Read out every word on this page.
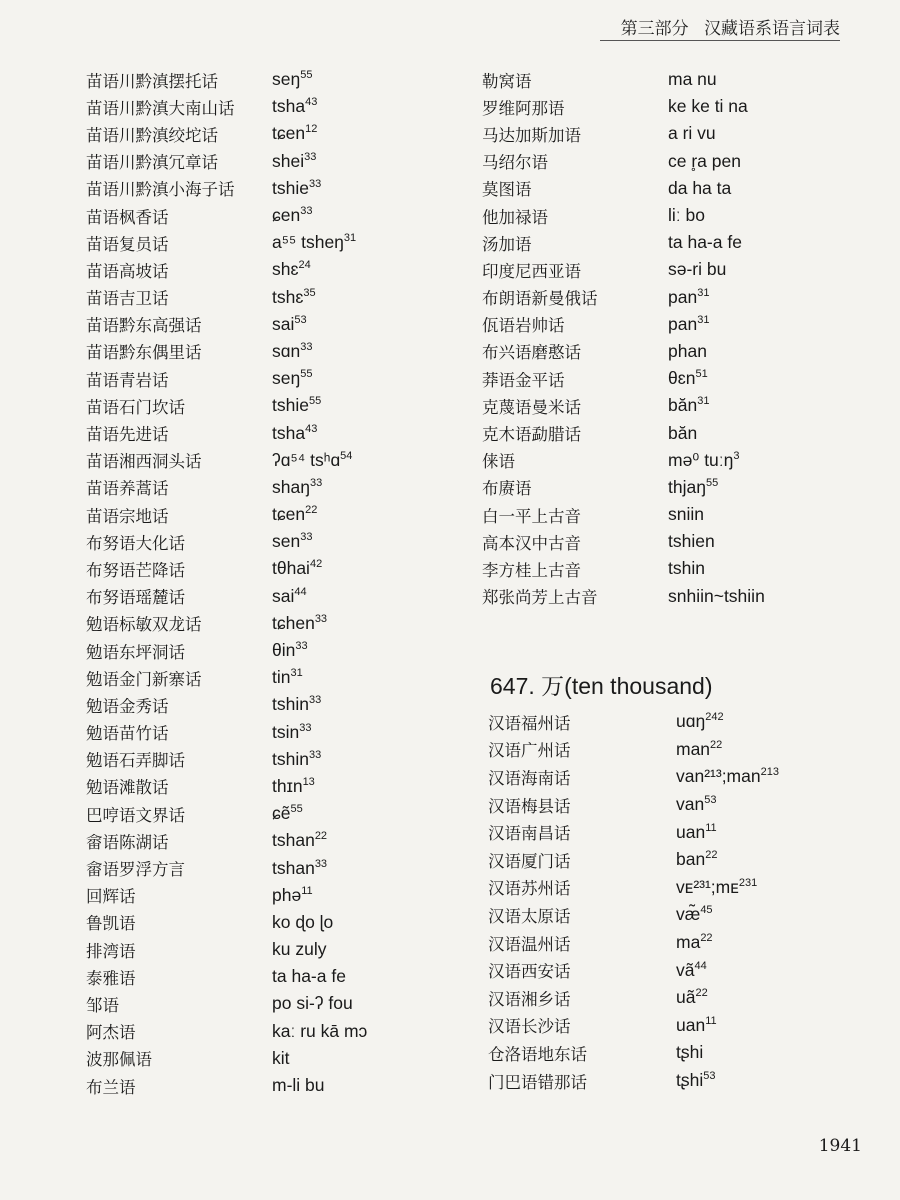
第三部分 汉藏语系语言词表
苗语川黔滇摆托话	seŋ$^{55}$
苗语川黔滇大南山话	tsha$^{43}$
苗语川黔滇绞坨话	tɕen$^{12}$
苗语川黔滇冗章话	shei$^{33}$
苗语川黔滇小海子话	tshie$^{33}$
苗语枫香话	ɕen$^{33}$
苗语复员话	a⁵⁵ tsheŋ$^{31}$
苗语高坡话	shɛ$^{24}$
苗语吉卫话	tshɛ$^{35}$
苗语黔东高强话	sai$^{53}$
苗语黔东偶里话	sɑn$^{33}$
苗语青岩话	seŋ$^{55}$
苗语石门坎话	tshie$^{55}$
苗语先进话	tsha$^{43}$
苗语湘西洞头话	ʔɑ⁵⁴ tsʰɑ$^{54}$
苗语养蒿话	shaŋ$^{33}$
苗语宗地话	tɕen$^{22}$
布努语大化话	sen$^{33}$
布努语芒降话	tθhai$^{42}$
布努语瑶麓话	sai$^{44}$
勉语标敏双龙话	tɕhen$^{33}$
勉语东坪洞话	θin$^{33}$
勉语金门新寨话	tin$^{31}$
勉语金秀话	tshin$^{33}$
勉语苗竹话	tsin$^{33}$
勉语石弄脚话	tshin$^{33}$
勉语滩散话	thɪn$^{13}$
巴哼语文界话	ɕẽ$^{55}$
畲语陈湖话	tshan$^{22}$
畲语罗浮方言	tshan$^{33}$
回辉话	phə$^{11}$
鲁凯语	ko ɖo ɭo
排湾语	ku zuly
泰雅语	ta ha-a fe
邹语	po si-ʔ fou
阿杰语	kaː ru kā mɔ
波那佩语	kit
布兰语	m-li bu
勒窝语	ma nu
罗维阿那语	ke ke ti na
马达加斯加语	a ri vu
马绍尔语	ce r̥a pen
莫图语	da ha ta
他加禄语	liː bo
汤加语	ta ha-a fe
印度尼西亚语	sə-ri bu
布朗语新曼俄话	pan$^{31}$
佤语岩帅话	pan$^{31}$
布兴语磨憨话	phan
莽语金平话	θɛn$^{51}$
克蔑语曼米话	băn$^{31}$
克木语勐腊话	băn
俫语	mə⁰ tuːŋ$^3$
布赓语	thjaŋ$^{55}$
白一平上古音	sniin
高本汉中古音	tshien
李方桂上古音	tshin
郑张尚芳上古音	snhiin~tshiin
647. 万(ten thousand)
汉语福州话	uɑŋ$^{242}$
汉语广州话	man$^{22}$
汉语海南话	van²¹³;man$^{213}$
汉语梅县话	van$^{53}$
汉语南昌话	uan$^{11}$
汉语厦门话	ban$^{22}$
汉语苏州话	vᴇ²³¹;mᴇ$^{231}$
汉语太原话	væ̃$^{45}$
汉语温州话	$ma^{22}$
汉语西安话	$vã^{44}$
汉语湘乡话	$uã^{22}$
汉语长沙话	uan$^{11}$
仓洛语地东话	tʂhi
门巴语错那话	tʂhi$^{53}$
1941
